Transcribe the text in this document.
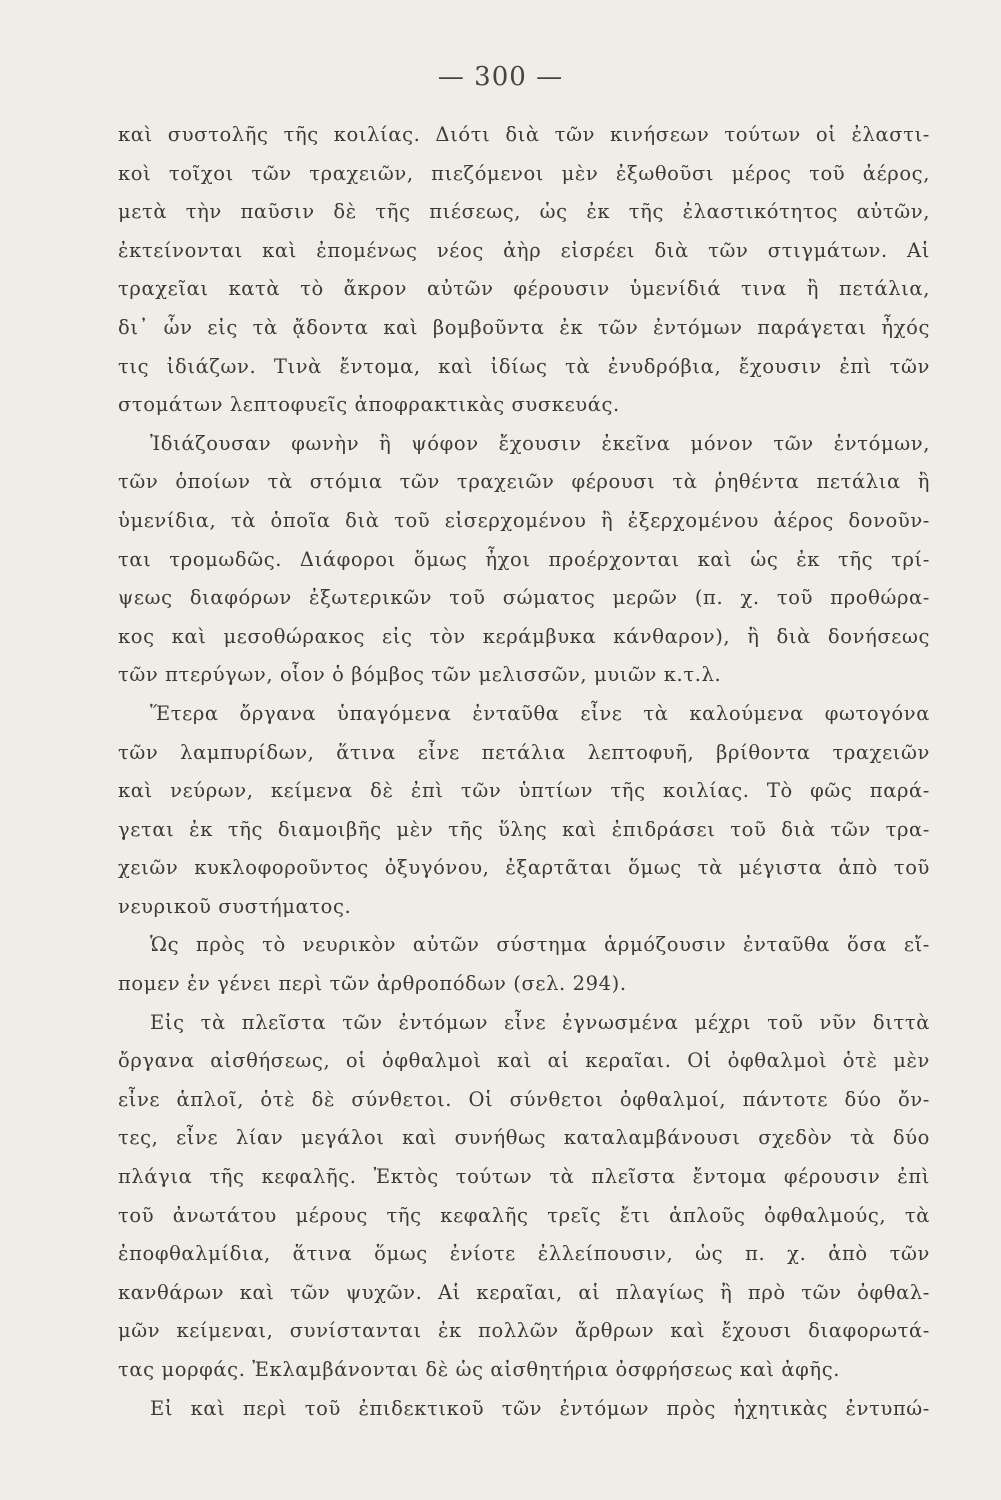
— 300 —
καὶ συστολῆς τῆς κοιλίας. Διότι διὰ τῶν κινήσεων τούτων οἱ ἐλαστι-
κοὶ τοῖχοι τῶν τραχειῶν, πιεζόμενοι μὲν ἐξωθοῦσι μέρος τοῦ ἀέρος,
μετὰ τὴν παῦσιν δὲ τῆς πιέσεως, ὡς ἐκ τῆς ἐλαστικότητος αὐτῶν,
ἐκτείνονται καὶ ἐπομένως νέος ἀὴρ εἰσρέει διὰ τῶν στιγμάτων. Αἱ
τραχεῖαι κατὰ τὸ ἄκρον αὐτῶν φέρουσιν ὑμενίδιά τινα ἢ πετάλια,
δι᾽ ὧν εἰς τὰ ᾄδοντα καὶ βομβοῦντα ἐκ τῶν ἐντόμων παράγεται ἦχός
τις ἰδιάζων. Τινὰ ἔντομα, καὶ ἰδίως τὰ ἐνυδρόβια, ἔχουσιν ἐπὶ τῶν
στομάτων λεπτοφυεῖς ἀποφρακτικὰς συσκευάς.
Ἰδιάζουσαν φωνὴν ἢ ψόφον ἔχουσιν ἐκεῖνα μόνον τῶν ἐντόμων,
τῶν ὁποίων τὰ στόμια τῶν τραχειῶν φέρουσι τὰ ῥηθέντα πετάλια ἢ
ὑμενίδια, τὰ ὁποῖα διὰ τοῦ εἰσερχομένου ἢ ἐξερχομένου ἀέρος δονοῦν-
ται τρομωδῶς. Διάφοροι ὅμως ἦχοι προέρχονται καὶ ὡς ἐκ τῆς τρί-
ψεως διαφόρων ἐξωτερικῶν τοῦ σώματος μερῶν (π. χ. τοῦ προθώρα-
κος καὶ μεσοθώρακος εἰς τὸν κεράμβυκα κάνθαρον), ἢ διὰ δονήσεως
τῶν πτερύγων, οἷον ὁ βόμβος τῶν μελισσῶν, μυιῶν κ.τ.λ.
Ἕτερα ὄργανα ὑπαγόμενα ἐνταῦθα εἶνε τὰ καλούμενα φωτογόνα
τῶν λαμπυρίδων, ἅτινα εἶνε πετάλια λεπτοφυῆ, βρίθοντα τραχειῶν
καὶ νεύρων, κείμενα δὲ ἐπὶ τῶν ὑπτίων τῆς κοιλίας. Τὸ φῶς παρά-
γεται ἐκ τῆς διαμοιβῆς μὲν τῆς ὕλης καὶ ἐπιδράσει τοῦ διὰ τῶν τρα-
χειῶν κυκλοφοροῦντος ὀξυγόνου, ἐξαρτᾶται ὅμως τὰ μέγιστα ἀπὸ τοῦ
νευρικοῦ συστήματος.
Ὡς πρὸς τὸ νευρικὸν αὐτῶν σύστημα ἁρμόζουσιν ἐνταῦθα ὅσα εἴ-
πομεν ἐν γένει περὶ τῶν ἀρθροπόδων (σελ. 294).
Εἰς τὰ πλεῖστα τῶν ἐντόμων εἶνε ἐγνωσμένα μέχρι τοῦ νῦν διττὰ
ὄργανα αἰσθήσεως, οἱ ὀφθαλμοὶ καὶ αἱ κεραῖαι. Οἱ ὀφθαλμοὶ ὁτὲ μὲν
εἶνε ἁπλοῖ, ὁτὲ δὲ σύνθετοι. Οἱ σύνθετοι ὀφθαλμοί, πάντοτε δύο ὄν-
τες, εἶνε λίαν μεγάλοι καὶ συνήθως καταλαμβάνουσι σχεδὸν τὰ δύο
πλάγια τῆς κεφαλῆς. Ἐκτὸς τούτων τὰ πλεῖστα ἔντομα φέρουσιν ἐπὶ
τοῦ ἀνωτάτου μέρους τῆς κεφαλῆς τρεῖς ἔτι ἁπλοῦς ὀφθαλμούς, τὰ
ἐποφθαλμίδια, ἅτινα ὅμως ἐνίοτε ἐλλείπουσιν, ὡς π. χ. ἀπὸ τῶν
κανθάρων καὶ τῶν ψυχῶν. Αἱ κεραῖαι, αἱ πλαγίως ἢ πρὸ τῶν ὀφθαλ-
μῶν κείμεναι, συνίστανται ἐκ πολλῶν ἄρθρων καὶ ἔχουσι διαφορωτά-
τας μορφάς. Ἐκλαμβάνονται δὲ ὡς αἰσθητήρια ὀσφρήσεως καὶ ἀφῆς.
Εἰ καὶ περὶ τοῦ ἐπιδεκτικοῦ τῶν ἐντόμων πρὸς ἠχητικὰς ἐντυπώ-
